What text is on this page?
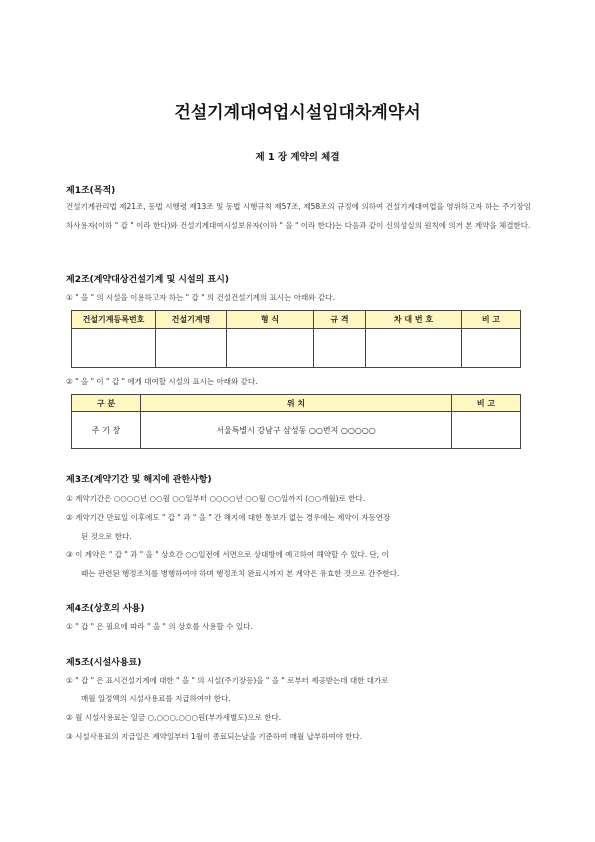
건설기계대여업시설임대차계약서
제 1 장 계약의 체결
제1조(목적)
건설기계관리법 제21조, 동법 시행령 제13조 및 동법 시행규칙 제57조, 제58조의 규정에 의하여 건설기계대여업을 영위하고자 하는 주기장임차사용자(이하 " 갑 " 이라 한다)와 건설기계대여시설보유자(이하 " 을 " 이라 한다)는 다음과 같이 신의성실의 원칙에 의거 본 계약을 체결한다.
제2조(계약대상건설기계 및 시설의 표시)
① " 을 " 의 시설을 이용하고자 하는 " 갑 " 의 건설건설기계의 표시는 아래와 같다.
건설기계등록번호	건설기계명	형 식	규 격	차 대 번 호	비 고

② " 을 " 이 " 갑 " 에게 대여할 시설의 표시는 아래와 같다.
구 분	위 치	비 고
주 기 장	서울특별시 강남구 삼성동 ○○번지 ○○○○○	
제3조(계약기간 및 해지에 관한사항)
① 계약기간은 ○○○○년 ○○월 ○○일부터 ○○○○년 ○○월 ○○일까지 (○○개월)로 한다.
② 계약기간 만료일 이후에도 " 갑 " 과 " 을 " 간 해지에 대한 통보가 없는 경우에는 계약이 자동연장
된 것으로 한다.
③ 이 계약은 " 갑 " 과 " 을 " 상호간 ○○일전에 서면으로 상대방에 예고하여 해약할 수 있다. 단, 이
때는 관련된 행정조치를 병행하여야 하며 행정조치 완료시까지 본 계약은 유효한 것으로 간주한다.
제4조(상호의 사용)
① " 갑 " 은 필요에 따라 " 을 " 의 상호를 사용할 수 있다.
제5조(시설사용료)
① " 갑 " 은 표시건설기계에 대한 " 을 " 의 시설(주기장등)을 " 을 " 로부터 제공받는데 대한 대가로
매월 일정액의 시설사용료를 지급하여야 한다.
② 월 시설사용료는 일금 ○,○○○,○○○원(부가세별도)으로 한다.
③ 시설사용료의 지급일은 계약일부터 1월이 종료되는날을 기준하여 매월 납부하여야 한다.
